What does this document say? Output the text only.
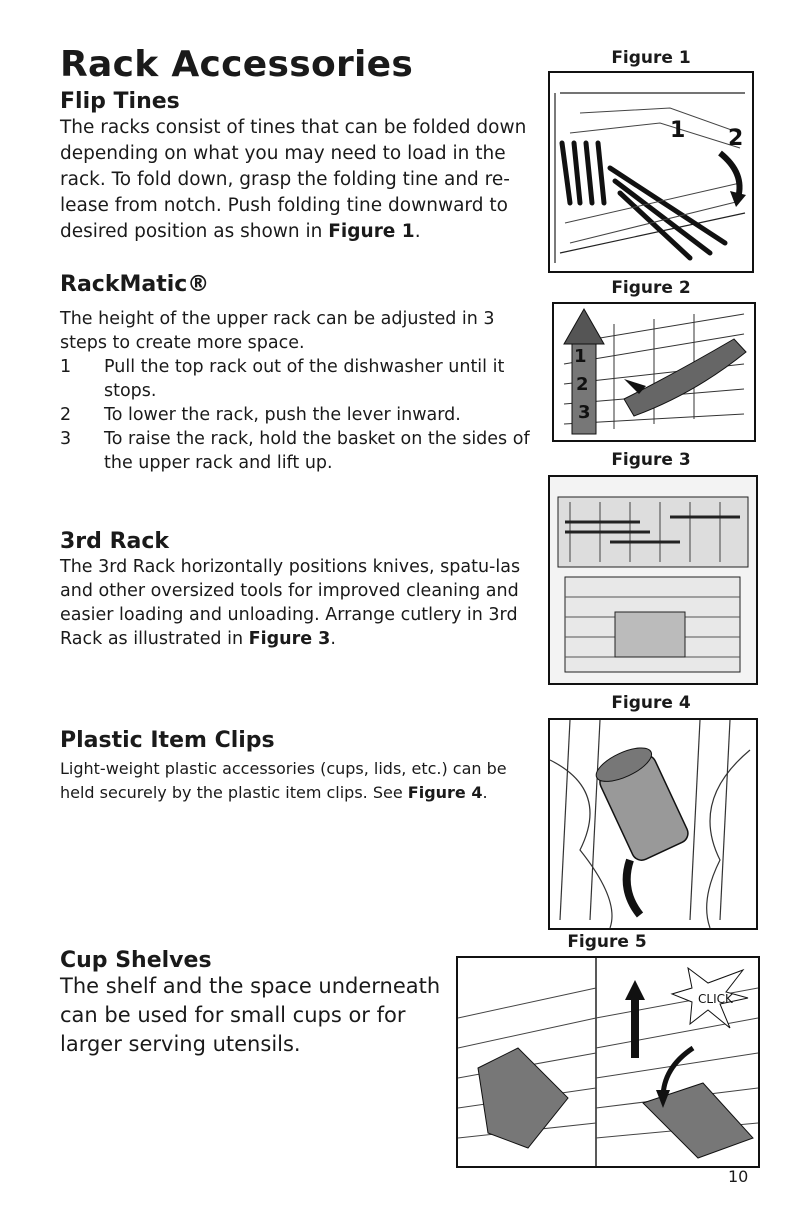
Rack Accessories
Flip Tines
The racks consist of tines that can be folded down depending on what you may need to load in the rack. To fold down, grasp the folding tine and re-lease from notch. Push folding tine downward to desired position as shown in Figure 1.
RackMatic®
The height of the upper rack can be adjusted in 3 steps to create more space.
1 Pull the top rack out of the dishwasher until it stops.
2 To lower the rack, push the lever inward.
3 To raise the rack, hold the basket on the sides of the upper rack and lift up.
3rd Rack
The 3rd Rack horizontally positions knives, spatu-las and other oversized tools for improved cleaning and easier loading and unloading. Arrange cutlery in 3rd Rack as illustrated in Figure 3.
Plastic Item Clips
Light-weight plastic accessories (cups, lids, etc.) can be held securely by the plastic item clips. See Figure 4.
Cup Shelves
The shelf and the space underneath can be used for small cups or for larger serving utensils.
Figure 1
1 2
Figure 2
1
2
3
Figure 3
Figure 4
Figure 5
CLICK
10
